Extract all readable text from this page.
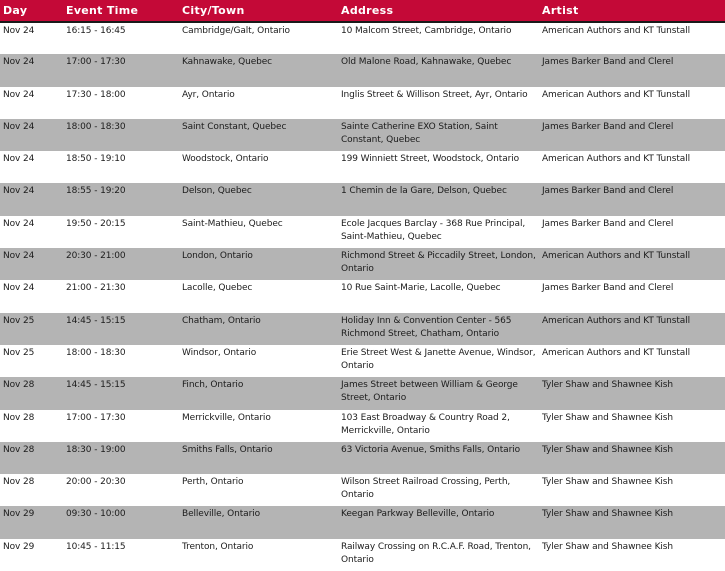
Day	Event Time	City/Town	Address	Artist
Nov 24	16:15 - 16:45	Cambridge/Galt, Ontario	10 Malcom Street, Cambridge, Ontario	American Authors and KT Tunstall
Nov 24	17:00 - 17:30	Kahnawake, Quebec	Old Malone Road, Kahnawake, Quebec	James Barker Band and Clerel
Nov 24	17:30 - 18:00	Ayr, Ontario	Inglis Street & Willison Street, Ayr, Ontario	American Authors and KT Tunstall
Nov 24	18:00 - 18:30	Saint Constant, Quebec	Sainte Catherine EXO Station, Saint Constant, Quebec	James Barker Band and Clerel
Nov 24	18:50 - 19:10	Woodstock, Ontario	199 Winniett Street, Woodstock, Ontario	American Authors and KT Tunstall
Nov 24	18:55 - 19:20	Delson, Quebec	1 Chemin de la Gare, Delson, Quebec	James Barker Band and Clerel
Nov 24	19:50 - 20:15	Saint-Mathieu, Quebec	Ecole Jacques Barclay - 368 Rue Principal, Saint-Mathieu, Quebec	James Barker Band and Clerel
Nov 24	20:30 - 21:00	London, Ontario	Richmond Street & Piccadily Street, London, Ontario	American Authors and KT Tunstall
Nov 24	21:00 - 21:30	Lacolle, Quebec	10 Rue Saint-Marie, Lacolle, Quebec	James Barker Band and Clerel
Nov 25	14:45 - 15:15	Chatham, Ontario	Holiday Inn & Convention Center - 565 Richmond Street, Chatham, Ontario	American Authors and KT Tunstall
Nov 25	18:00 - 18:30	Windsor, Ontario	Erie Street West & Janette Avenue, Windsor, Ontario	American Authors and KT Tunstall
Nov 28	14:45 - 15:15	Finch, Ontario	James Street between William & George Street, Ontario	Tyler Shaw and Shawnee Kish
Nov 28	17:00 - 17:30	Merrickville, Ontario	103 East Broadway & Country Road 2, Merrickville, Ontario	Tyler Shaw and Shawnee Kish
Nov 28	18:30 - 19:00	Smiths Falls, Ontario	63 Victoria Avenue, Smiths Falls, Ontario	Tyler Shaw and Shawnee Kish
Nov 28	20:00 - 20:30	Perth, Ontario	Wilson Street Railroad Crossing, Perth, Ontario	Tyler Shaw and Shawnee Kish
Nov 29	09:30 - 10:00	Belleville, Ontario	Keegan Parkway Belleville, Ontario	Tyler Shaw and Shawnee Kish
Nov 29	10:45 - 11:15	Trenton, Ontario	Railway Crossing on R.C.A.F. Road, Trenton, Ontario	Tyler Shaw and Shawnee Kish
